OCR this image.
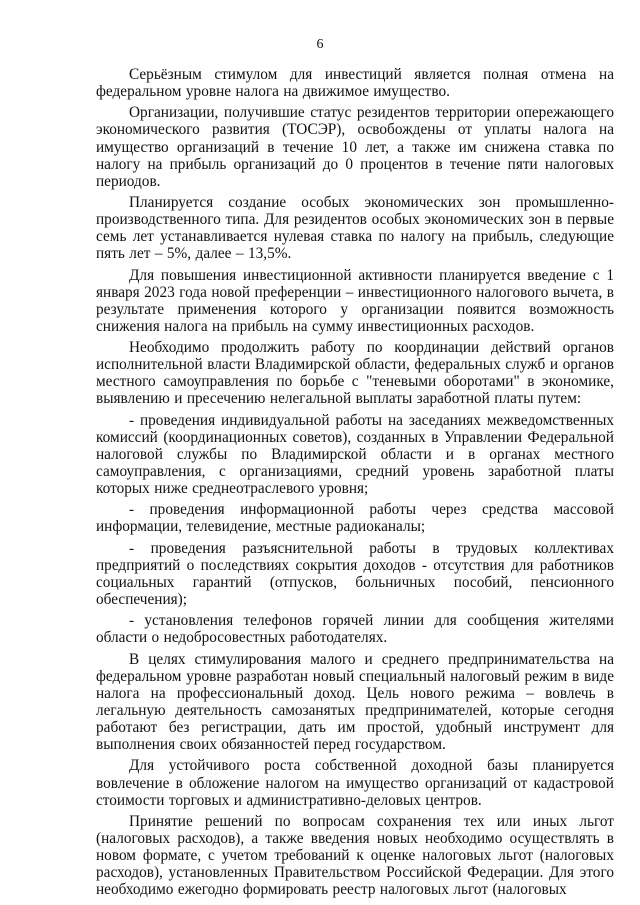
6

Серьёзным стимулом для инвестиций является полная отмена на федеральном уровне налога на движимое имущество.

Организации, получившие статус резидентов территории опережающего экономического развития (ТОСЭР), освобождены от уплаты налога на имущество организаций в течение 10 лет, а также им снижена ставка по налогу на прибыль организаций до 0 процентов в течение пяти налоговых периодов.

Планируется создание особых экономических зон промышленно-производственного типа. Для резидентов особых экономических зон в первые семь лет устанавливается нулевая ставка по налогу на прибыль, следующие пять лет – 5%, далее – 13,5%.

Для повышения инвестиционной активности планируется введение с 1 января 2023 года новой преференции – инвестиционного налогового вычета, в результате применения которого у организации появится возможность снижения налога на прибыль на сумму инвестиционных расходов.

Необходимо продолжить работу по координации действий органов исполнительной власти Владимирской области, федеральных служб и органов местного самоуправления по борьбе с "теневыми оборотами" в экономике, выявлению и пресечению нелегальной выплаты заработной платы путем:

- проведения индивидуальной работы на заседаниях межведомственных комиссий (координационных советов), созданных в Управлении Федеральной налоговой службы по Владимирской области и в органах местного самоуправления, с организациями, средний уровень заработной платы которых ниже среднеотраслевого уровня;

- проведения информационной работы через средства массовой информации, телевидение, местные радиоканалы;

- проведения разъяснительной работы в трудовых коллективах предприятий о последствиях сокрытия доходов - отсутствия для работников социальных гарантий (отпусков, больничных пособий, пенсионного обеспечения);

- установления телефонов горячей линии для сообщения жителями области о недобросовестных работодателях.

В целях стимулирования малого и среднего предпринимательства на федеральном уровне разработан новый специальный налоговый режим в виде налога на профессиональный доход. Цель нового режима – вовлечь в легальную деятельность самозанятых предпринимателей, которые сегодня работают без регистрации, дать им простой, удобный инструмент для выполнения своих обязанностей перед государством.

Для устойчивого роста собственной доходной базы планируется вовлечение в обложение налогом на имущество организаций от кадастровой стоимости торговых и административно-деловых центров.

Принятие решений по вопросам сохранения тех или иных льгот (налоговых расходов), а также введения новых необходимо осуществлять в новом формате, с учетом требований к оценке налоговых льгот (налоговых расходов), установленных Правительством Российской Федерации. Для этого необходимо ежегодно формировать реестр налоговых льгот (налоговых
